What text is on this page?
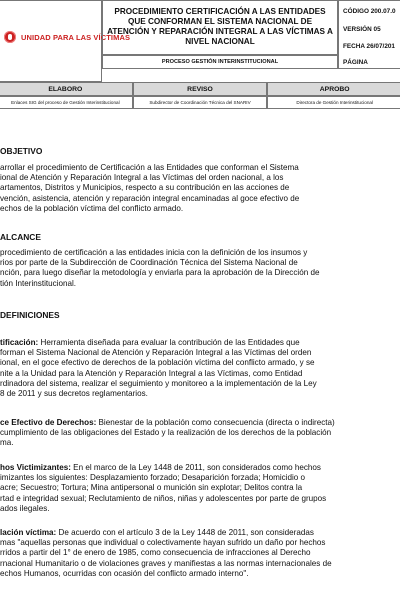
UNIDAD PARA LAS VÍCTIMAS
PROCEDIMIENTO CERTIFICACIÓN A LAS ENTIDADES QUE CONFORMAN EL SISTEMA NACIONAL DE ATENCIÓN Y REPARACIÓN INTEGRAL A LAS VÍCTIMAS A NIVEL NACIONAL
PROCESO GESTIÓN INTERINSTITUCIONAL
CÓDIGO 200.07.0
VERSIÓN 05
FECHA 26/07/201
PÁGINA
ELABORO	REVISO	APROBO
Enlaces SIG del proceso de Gestión Interinstitucional	Subdirector de Coordinación Técnica del SNARIV	Directora de Gestión Interinstitucional
OBJETIVO
arrollar el procedimiento de Certificación a las Entidades que conforman el Sistema
ional de Atención y Reparación Integral a las Víctimas del orden nacional, a los
artamentos, Distritos y Municipios, respecto a su contribución en las acciones de
vención, asistencia, atención y reparación integral encaminadas al goce efectivo de
echos de la población víctima del conflicto armado.
ALCANCE
procedimiento de certificación a las entidades inicia con la definición de los insumos y
rios por parte de la Subdirección de Coordinación Técnica del Sistema Nacional de
nción, para luego diseñar la metodología y enviarla para la aprobación de la Dirección de
tión Interinstitucional.
DEFINICIONES
tificación: Herramienta diseñada para evaluar la contribución de las Entidades que
forman el Sistema Nacional de Atención y Reparación Integral a las Víctimas del orden
ional, en el goce efectivo de derechos de la población víctima del conflicto armado, y se
nite a la Unidad para la Atención y Reparación Integral a las Víctimas, como Entidad
rdinadora del sistema, realizar el seguimiento y monitoreo a la implementación de la Ley
8 de 2011 y sus decretos reglamentarios.
ce Efectivo de Derechos: Bienestar de la población como consecuencia (directa o indirecta)
cumplimiento de las obligaciones del Estado y la realización de los derechos de la población
ma.
hos Victimizantes: En el marco de la Ley 1448 de 2011, son considerados como hechos
imizantes los siguientes: Desplazamiento forzado; Desaparición forzada; Homicidio o
acre; Secuestro; Tortura; Mina antipersonal o munición sin explotar; Delitos contra la
rtad e integridad sexual; Reclutamiento de niños, niñas y adolescentes por parte de grupos
ados ilegales.
lación víctima: De acuerdo con el artículo 3 de la Ley 1448 de 2011, son consideradas
mas "aquellas personas que individual o colectivamente hayan sufrido un daño por hechos
rridos a partir del 1° de enero de 1985, como consecuencia de infracciones al Derecho
rnacional Humanitario o de violaciones graves y manifiestas a las normas internacionales de
echos Humanos, ocurridas con ocasión del conflicto armado interno".
